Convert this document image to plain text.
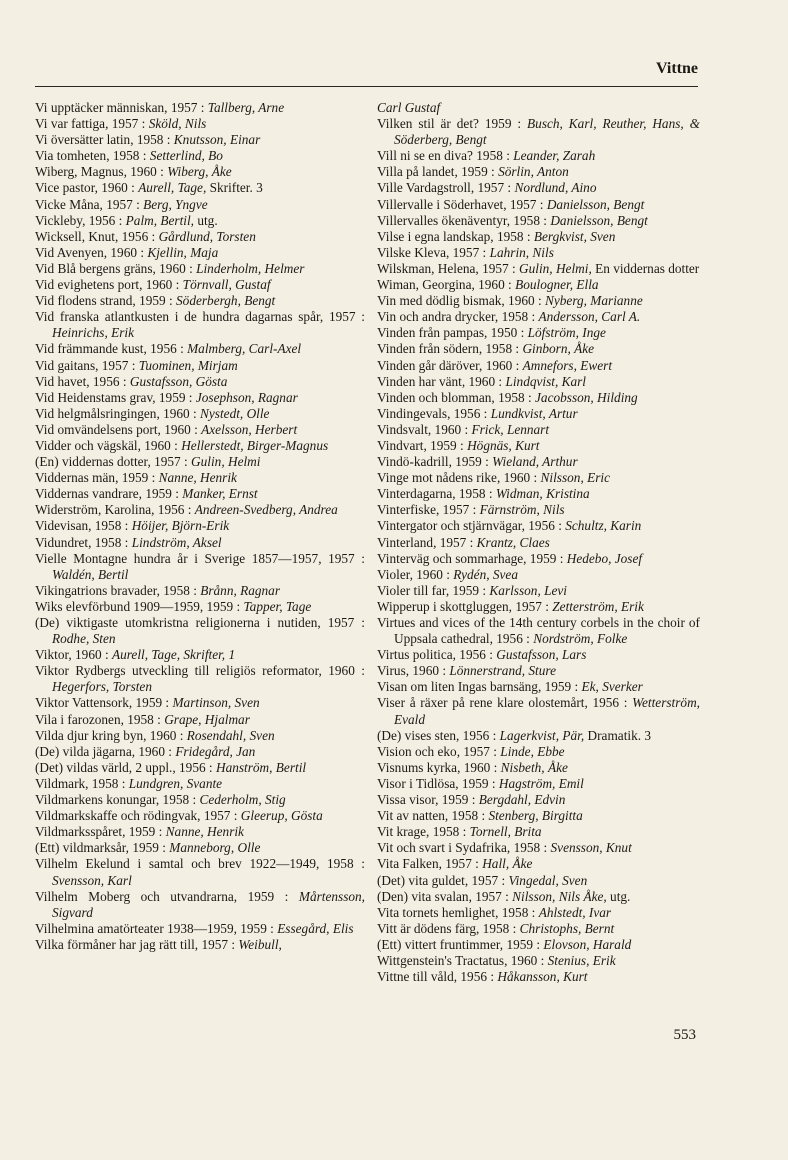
Vittne
Vi upptäcker människan, 1957 : Tallberg, Arne
Vi var fattiga, 1957 : Sköld, Nils
Vi översätter latin, 1958 : Knutsson, Einar
Via tomheten, 1958 : Setterlind, Bo
Wiberg, Magnus, 1960 : Wiberg, Åke
Vice pastor, 1960 : Aurell, Tage, Skrifter. 3
Vicke Måna, 1957 : Berg, Yngve
Vickleby, 1956 : Palm, Bertil, utg.
Wicksell, Knut, 1956 : Gårdlund, Torsten
Vid Avenyen, 1960 : Kjellin, Maja
Vid Blå bergens gräns, 1960 : Linderholm, Helmer
Vid evighetens port, 1960 : Törnvall, Gustaf
Vid flodens strand, 1959 : Söderbergh, Bengt
Vid franska atlantkusten i de hundra dagarnas spår, 1957 : Heinrichs, Erik
Vid främmande kust, 1956 : Malmberg, Carl-Axel
Vid gaitans, 1957 : Tuominen, Mirjam
Vid havet, 1956 : Gustafsson, Gösta
Vid Heidenstams grav, 1959 : Josephson, Ragnar
Vid helgmålsringingen, 1960 : Nystedt, Olle
Vid omvändelsens port, 1960 : Axelsson, Herbert
Vidder och vägskäl, 1960 : Hellerstedt, Birger-Magnus
(En) viddernas dotter, 1957 : Gulin, Helmi
Viddernas män, 1959 : Nanne, Henrik
Viddernas vandrare, 1959 : Manker, Ernst
Widerström, Karolina, 1956 : Andreen-Svedberg, Andrea
Videvisan, 1958 : Höijer, Björn-Erik
Vidundret, 1958 : Lindström, Aksel
Vielle Montagne hundra år i Sverige 1857—1957, 1957 : Waldén, Bertil
Vikingatrions bravader, 1958 : Brånn, Ragnar
Wiks elevförbund 1909—1959, 1959 : Tapper, Tage
(De) viktigaste utomkristna religionerna i nutiden, 1957 : Rodhe, Sten
Viktor, 1960 : Aurell, Tage, Skrifter, 1
Viktor Rydbergs utveckling till religiös reformator, 1960 : Hegerfors, Torsten
Viktor Vattensork, 1959 : Martinson, Sven
Vila i farozonen, 1958 : Grape, Hjalmar
Vilda djur kring byn, 1960 : Rosendahl, Sven
(De) vilda jägarna, 1960 : Fridegård, Jan
(Det) vildas värld, 2 uppl., 1956 : Hanström, Bertil
Vildmark, 1958 : Lundgren, Svante
Vildmarkens konungar, 1958 : Cederholm, Stig
Vildmarkskaffe och rödingvak, 1957 : Gleerup, Gösta
Vildmarksspåret, 1959 : Nanne, Henrik
(Ett) vildmarksår, 1959 : Manneborg, Olle
Vilhelm Ekelund i samtal och brev 1922—1949, 1958 : Svensson, Karl
Vilhelm Moberg och utvandrarna, 1959 : Mårtensson, Sigvard
Vilhelmina amatörteater 1938—1959, 1959 : Essegård, Elis
Vilka förmåner har jag rätt till, 1957 : Weibull,
Carl Gustaf
Vilken stil är det? 1959 : Busch, Karl, Reuther, Hans, & Söderberg, Bengt
Vill ni se en diva? 1958 : Leander, Zarah
Villa på landet, 1959 : Sörlin, Anton
Ville Vardagstroll, 1957 : Nordlund, Aino
Villervalle i Söderhavet, 1957 : Danielsson, Bengt
Villervalles ökenäventyr, 1958 : Danielsson, Bengt
Vilse i egna landskap, 1958 : Bergkvist, Sven
Vilske Kleva, 1957 : Lahrin, Nils
Wilskman, Helena, 1957 : Gulin, Helmi, En viddernas dotter
Wiman, Georgina, 1960 : Boulogner, Ella
Vin med dödlig bismak, 1960 : Nyberg, Marianne
Vin och andra drycker, 1958 : Andersson, Carl A.
Vinden från pampas, 1950 : Löfström, Inge
Vinden från södern, 1958 : Ginborn, Åke
Vinden går däröver, 1960 : Amnefors, Ewert
Vinden har vänt, 1960 : Lindqvist, Karl
Vinden och blomman, 1958 : Jacobsson, Hilding
Vindingevals, 1956 : Lundkvist, Artur
Vindsvalt, 1960 : Frick, Lennart
Vindvart, 1959 : Högnäs, Kurt
Vindö-kadrill, 1959 : Wieland, Arthur
Vinge mot nådens rike, 1960 : Nilsson, Eric
Vinterdagarna, 1958 : Widman, Kristina
Vinterfiske, 1957 : Färnström, Nils
Vintergator och stjärnvägar, 1956 : Schultz, Karin
Vinterland, 1957 : Krantz, Claes
Vinterväg och sommarhage, 1959 : Hedebo, Josef
Violer, 1960 : Rydén, Svea
Violer till far, 1959 : Karlsson, Levi
Wipperup i skottgluggen, 1957 : Zetterström, Erik
Virtues and vices of the 14th century corbels in the choir of Uppsala cathedral, 1956 : Nordström, Folke
Virtus politica, 1956 : Gustafsson, Lars
Virus, 1960 : Lönnerstrand, Sture
Visan om liten Ingas barnsäng, 1959 : Ek, Sverker
Viser å räxer på rene klare olostemårt, 1956 : Wetterström, Evald
(De) vises sten, 1956 : Lagerkvist, Pär, Dramatik. 3
Vision och eko, 1957 : Linde, Ebbe
Visnums kyrka, 1960 : Nisbeth, Åke
Visor i Tidlösa, 1959 : Hagström, Emil
Vissa visor, 1959 : Bergdahl, Edvin
Vit av natten, 1958 : Stenberg, Birgitta
Vit krage, 1958 : Tornell, Brita
Vit och svart i Sydafrika, 1958 : Svensson, Knut
Vita Falken, 1957 : Hall, Åke
(Det) vita guldet, 1957 : Vingedal, Sven
(Den) vita svalan, 1957 : Nilsson, Nils Åke, utg.
Vita tornets hemlighet, 1958 : Ahlstedt, Ivar
Vitt är dödens färg, 1958 : Christophs, Bernt
(Ett) vittert fruntimmer, 1959 : Elovson, Harald
Wittgenstein's Tractatus, 1960 : Stenius, Erik
Vittne till våld, 1956 : Håkansson, Kurt
553
